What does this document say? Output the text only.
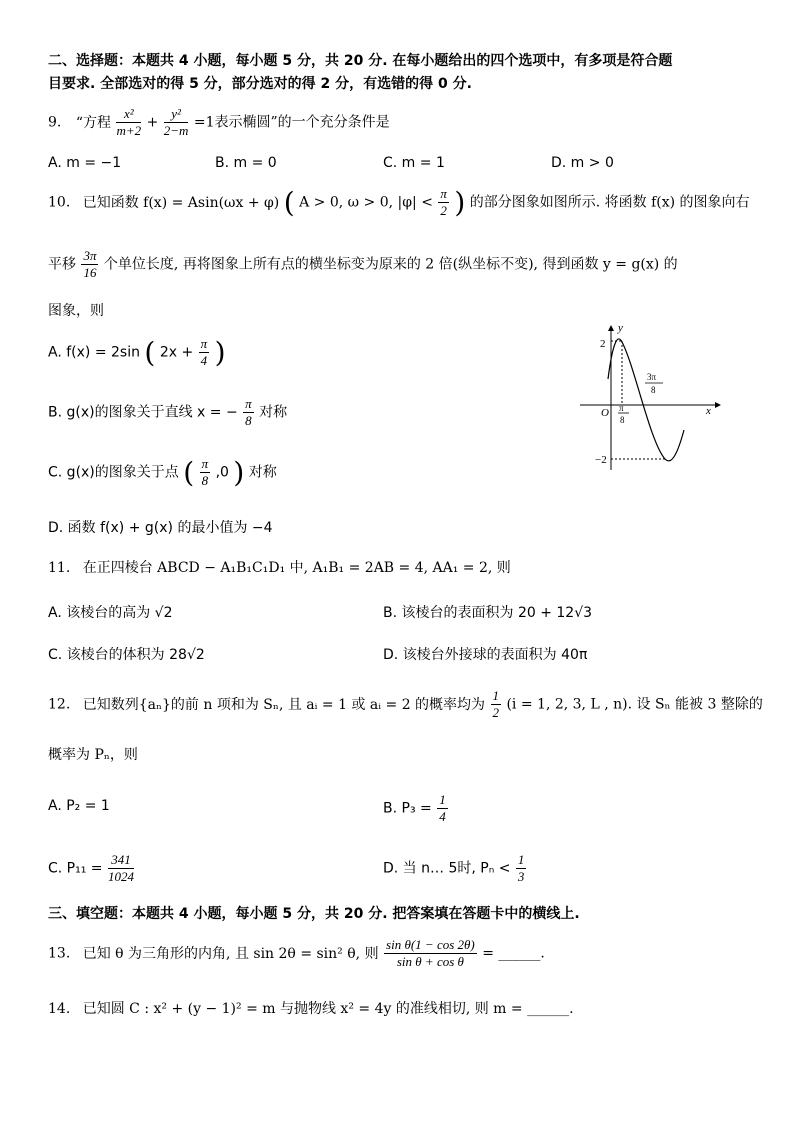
二、选择题：本题共 4 小题，每小题 5 分，共 20 分. 在每小题给出的四个选项中，有多项是符合题
目要求. 全部选对的得 5 分，部分选对的得 2 分，有选错的得 0 分.
9. “方程 $\frac{\text{x²}}{m+2} + \frac{\text{y²}}{2-m} =1$表示椭圆”的一个充分条件是
A. m = −1	B. m = 0	C. m = 1	D. m > 0
10. 已知函数 f(x) = Asin(ωx + φ) ( A > 0, ω > 0, $|\varphi| < \frac{\pi}{2}$ ) 的部分图象如图所示. 将函数 f(x) 的图象向右
平移 $\frac{3\pi}{16}$ 个单位长度, 再将图象上所有点的横坐标变为原来的 2 倍(纵坐标不变), 得到函数 y = g(x) 的
图象，则
A. f(x) = 2sin ( $2x + \frac{\pi}{4}$ )
B. g(x)的图象关于直线 x = − $\frac{\pi}{8}$ 对称
C. g(x)的图象关于点 ( $\frac{\pi}{8} ,0$ ) 对称
D. 函数 f(x) + g(x) 的最小值为 −4
y
x
O
2
−2
π
8
3π
8
11. 在正四棱台 ABCD − A₁B₁C₁D₁ 中, A₁B₁ = 2AB = 4, AA₁ = 2, 则
A. 该棱台的高为 √2	B. 该棱台的表面积为 20 + 12√3
C. 该棱台的体积为 28√2	D. 该棱台外接球的表面积为 40π
12. 已知数列{aₙ}的前 n 项和为 Sₙ, 且 aᵢ = 1 或 aᵢ = 2 的概率均为 $\frac{1}{2} (i = 1$, 2, 3, L , n). 设 Sₙ 能被 3 整除的
概率为 Pₙ，则
A. P₂ = 1	B. $P_3 = \frac{1}{4}$
C. $P_{11} = \frac{341}{1024}$	D. 当 n… 5时, $P_n < \frac{1}{3}$
三、填空题：本题共 4 小题，每小题 5 分，共 20 分. 把答案填在答题卡中的横线上.
13. 已知 θ 为三角形的内角, 且 sin 2θ = sin² θ, 则 $\frac{\text{sin θ(1 − cos 2θ)}}{\text{sin θ + cos θ}}$ = ______.
14. 已知圆 C : x² + (y − 1)² = m 与抛物线 x² = 4y 的准线相切, 则 m = ______.
